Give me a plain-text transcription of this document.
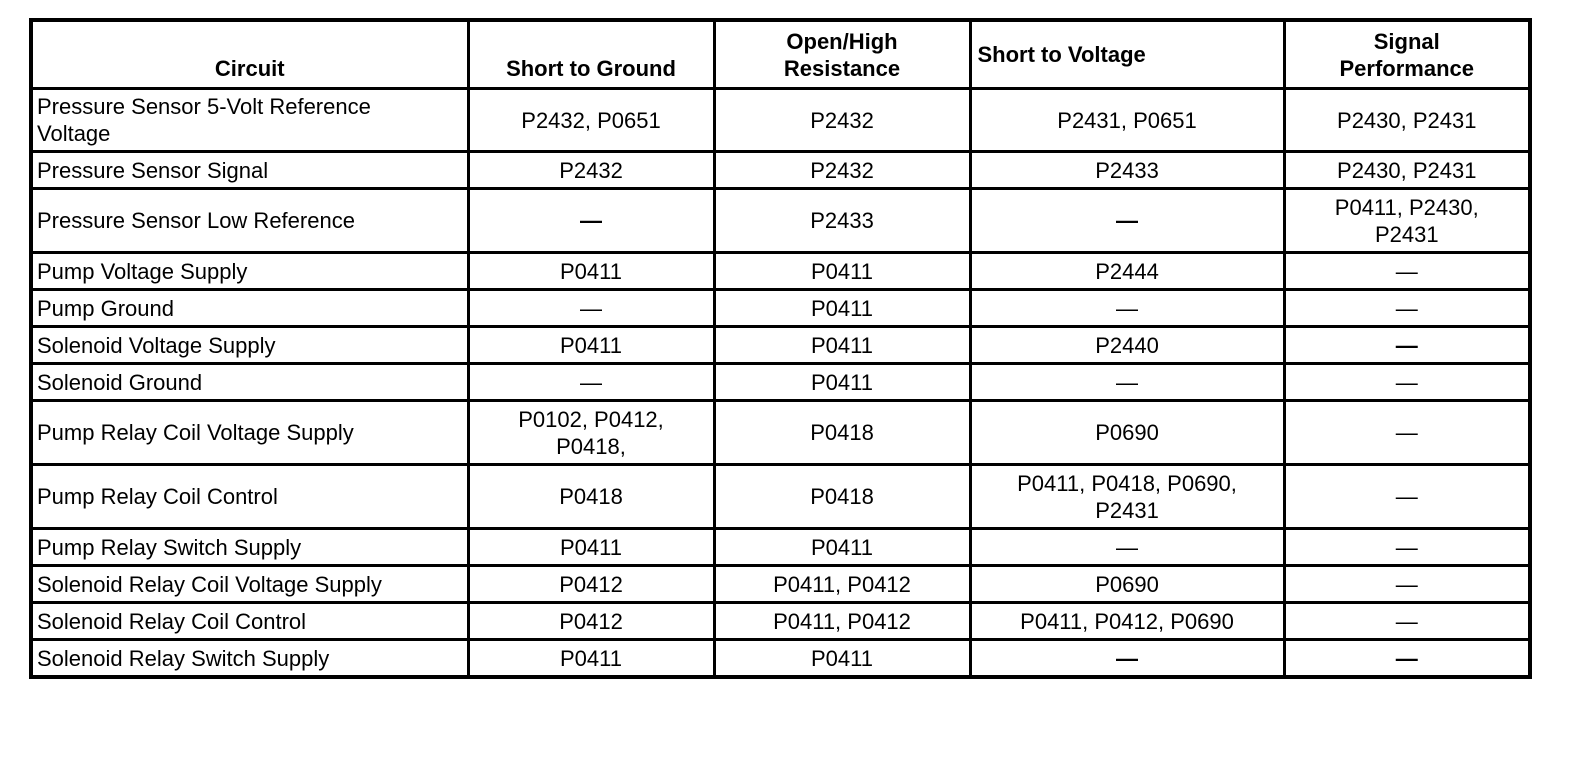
Circuit	Short to Ground	Open/High Resistance	Short to Voltage	Signal Performance
Pressure Sensor 5-Volt Reference Voltage	P2432, P0651	P2432	P2431, P0651	P2430, P2431
Pressure Sensor Signal	P2432	P2432	P2433	P2430, P2431
Pressure Sensor Low Reference	—	P2433	—	P0411, P2430, P2431
Pump Voltage Supply	P0411	P0411	P2444	—
Pump Ground	—	P0411	—	—
Solenoid Voltage Supply	P0411	P0411	P2440	—
Solenoid Ground	—	P0411	—	—
Pump Relay Coil Voltage Supply	P0102, P0412, P0418,	P0418	P0690	—
Pump Relay Coil Control	P0418	P0418	P0411, P0418, P0690, P2431	—
Pump Relay Switch Supply	P0411	P0411	—	—
Solenoid Relay Coil Voltage Supply	P0412	P0411, P0412	P0690	—
Solenoid Relay Coil Control	P0412	P0411, P0412	P0411, P0412, P0690	—
Solenoid Relay Switch Supply	P0411	P0411	—	—
